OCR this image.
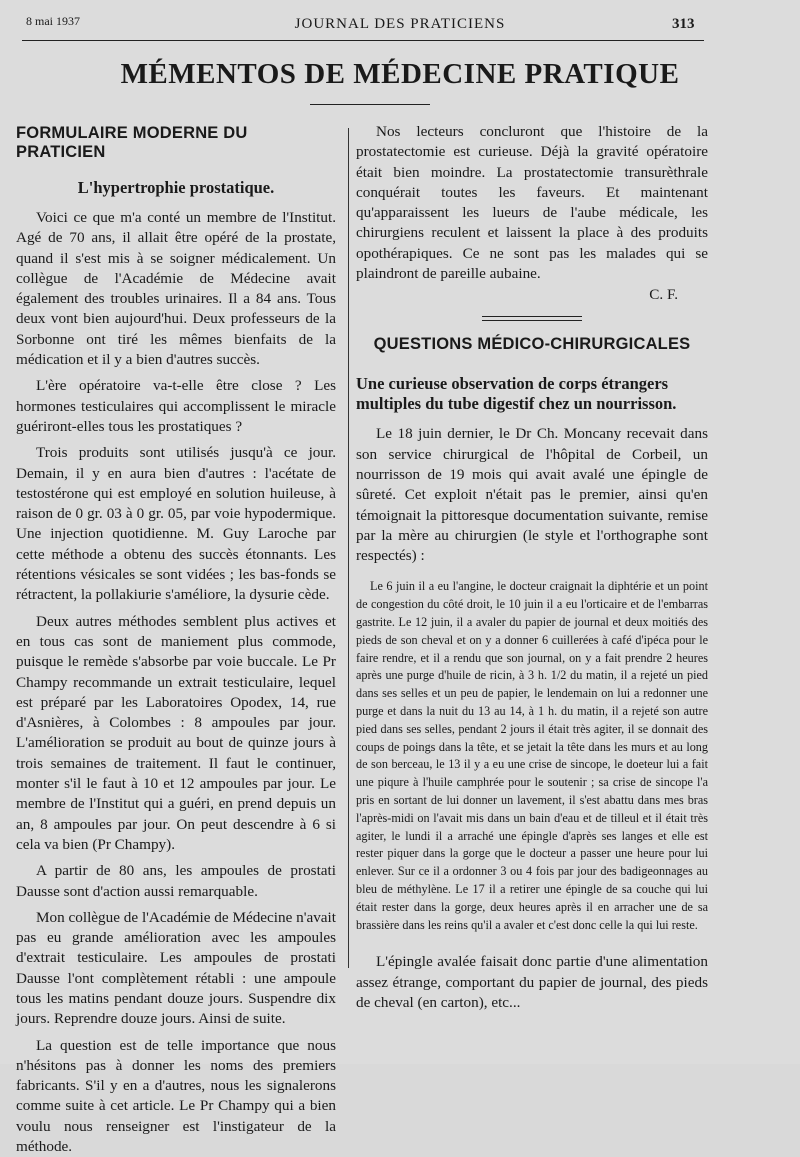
8 mai 1937	JOURNAL DES PRATICIENS	313
MÉMENTOS DE MÉDECINE PRATIQUE
FORMULAIRE MODERNE DU PRATICIEN
L'hypertrophie prostatique.

Voici ce que m'a conté un membre de l'Institut. Agé de 70 ans, il allait être opéré de la prostate, quand il s'est mis à se soigner médicalement. Un collègue de l'Académie de Médecine avait également des troubles urinaires. Il a 84 ans. Tous deux vont bien aujourd'hui. Deux professeurs de la Sorbonne ont tiré les mêmes bienfaits de la médication et il y a bien d'autres succès.

L'ère opératoire va-t-elle être close ? Les hormones testiculaires qui accomplissent le miracle guériront-elles tous les prostatiques ?

Trois produits sont utilisés jusqu'à ce jour. Demain, il y en aura bien d'autres : l'acétate de testostérone qui est employé en solution huileuse, à raison de 0 gr. 03 à 0 gr. 05, par voie hypodermique. Une injection quotidienne. M. Guy Laroche par cette méthode a obtenu des succès étonnants. Les rétentions vésicales se sont vidées ; les bas-fonds se rétractent, la pollakiurie s'améliore, la dysurie cède.

Deux autres méthodes semblent plus actives et en tous cas sont de maniement plus commode, puisque le remède s'absorbe par voie buccale. Le Pr Champy recommande un extrait testiculaire, lequel est préparé par les Laboratoires Opodex, 14, rue d'Asnières, à Colombes : 8 ampoules par jour. L'amélioration se produit au bout de quinze jours à trois semaines de traitement. Il faut le continuer, monter s'il le faut à 10 et 12 ampoules par jour. Le membre de l'Institut qui a guéri, en prend depuis un an, 8 ampoules par jour. On peut descendre à 6 si cela va bien (Pr Champy).

A partir de 80 ans, les ampoules de prostati Dausse sont d'action aussi remarquable.

Mon collègue de l'Académie de Médecine n'avait pas eu grande amélioration avec les ampoules d'extrait testiculaire. Les ampoules de prostati Dausse l'ont complètement rétabli : une ampoule tous les matins pendant douze jours. Suspendre dix jours. Reprendre douze jours. Ainsi de suite.

La question est de telle importance que nous n'hésitons pas à donner les noms des premiers fabricants. S'il y en a d'autres, nous les signalerons comme suite à cet article. Le Pr Champy qui a bien voulu nous renseigner est l'instigateur de la méthode.

Nos lecteurs concluront que l'histoire de la prostatectomie est curieuse. Déjà la gravité opératoire était bien moindre. La prostatectomie transurèthrale conquérait toutes les faveurs. Et maintenant qu'apparaissent les lueurs de l'aube médicale, les chirurgiens reculent et laissent la place à des produits opothérapiques. Ce ne sont pas les malades qui se plaindront de pareille aubaine.

C. F.
QUESTIONS MÉDICO-CHIRURGICALES
Une curieuse observation de corps étrangers multiples du tube digestif chez un nourrisson.

Le 18 juin dernier, le Dr Ch. Moncany recevait dans son service chirurgical de l'hôpital de Corbeil, un nourrisson de 19 mois qui avait avalé une épingle de sûreté. Cet exploit n'était pas le premier, ainsi qu'en témoignait la pittoresque documentation suivante, remise par la mère au chirurgien (le style et l'orthographe sont respectés) :

Le 6 juin il a eu l'angine, le docteur craignait la diphtérie et un point de congestion du côté droit, le 10 juin il a eu l'orticaire et de l'embarras gastrite. Le 12 juin, il a avaler du papier de journal et deux moitiés des pieds de son cheval et on y a donner 6 cuillerées à café d'ipéca pour le faire rendre, et il a rendu que son journal, on y a fait prendre 2 heures après une purge d'huile de ricin, à 3 h. 1/2 du matin, il a rejeté un pied dans ses selles et un peu de papier, le lendemain on lui a redonner une purge et dans la nuit du 13 au 14, à 1 h. du matin, il a rejeté son autre pied dans ses selles, pendant 2 jours il était très agiter, il se donnait des coups de poings dans la tête, et se jetait la tête dans les murs et au long de son berceau, le 13 il y a eu une crise de sincope, le doeteur lui a fait une piqure à l'huile camphrée pour le soutenir ; sa crise de sincope l'a pris en sortant de lui donner un lavement, il s'est abattu dans mes bras l'après-midi on l'avait mis dans un bain d'eau et de tilleul et il était très agiter, le lundi il a arraché une épingle d'après ses langes et elle est rester piquer dans la gorge que le docteur a passer une heure pour lui enlever. Sur ce il a ordonner 3 ou 4 fois par jour des badigeonnages au bleu de méthylène. Le 17 il a retirer une épingle de sa couche qui lui était rester dans la gorge, deux heures après il en arracher une de sa brassière dans les reins qu'il a avaler et c'est donc celle la qui lui reste.

L'épingle avalée faisait donc partie d'une alimentation assez étrange, comportant du papier de journal, des pieds de cheval (en carton), etc...
